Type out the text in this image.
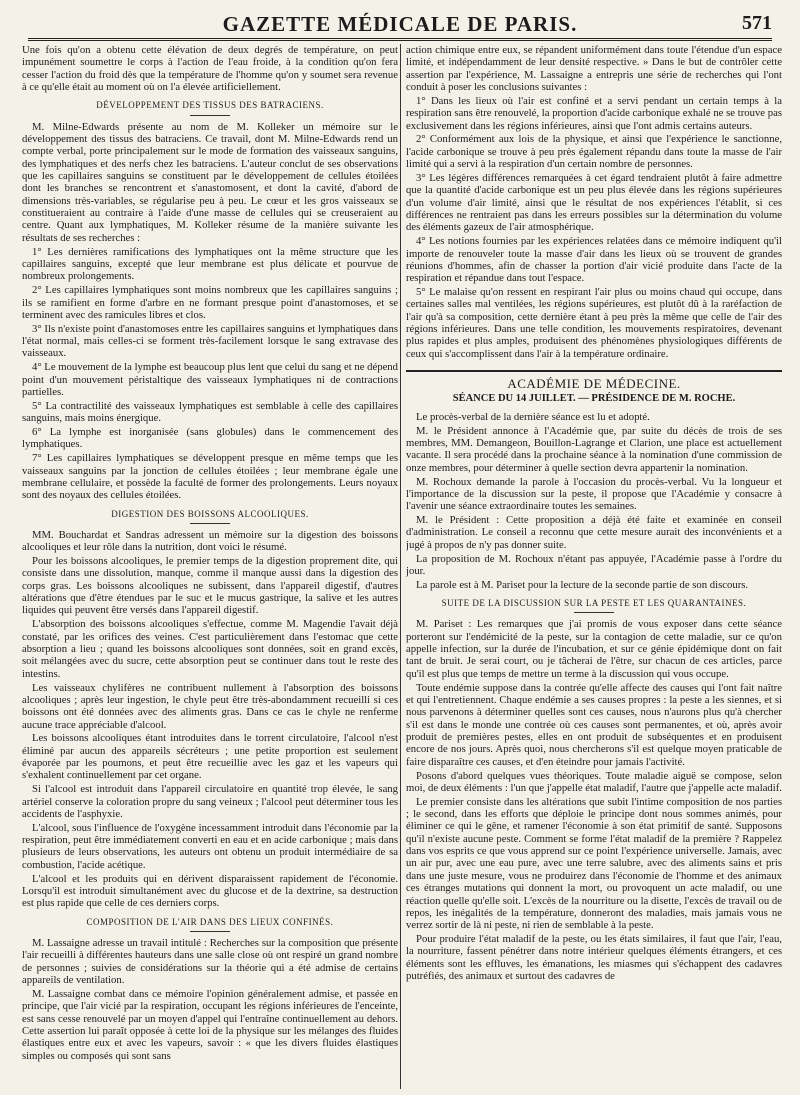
GAZETTE MÉDICALE DE PARIS.	571

Une fois qu'on a obtenu cette élévation de deux degrés de température, on peut impunément soumettre le corps à l'action de l'eau froide, à la condition qu'on fera cesser l'action du froid dès que la température de l'homme qu'on y soumet sera revenue à ce qu'elle était au moment où on l'a élevée artificiellement.

DÉVELOPPEMENT DES TISSUS DES BATRACIENS.

M. Milne-Edwards présente au nom de M. Kolleker un mémoire sur le développement des tissus des batraciens. Ce travail, dont M. Milne-Edwards rend un compte verbal, porte principalement sur le mode de formation des vaisseaux sanguins, des lymphatiques et des nerfs chez les batraciens. L'auteur conclut de ses observations que les capillaires sanguins se constituent par le développement de cellules étoilées dont les branches se rencontrent et s'anastomosent, et dont la cavité, d'abord de dimensions très-variables, se régularise peu à peu. Le cœur et les gros vaisseaux se constitueraient au contraire à l'aide d'une masse de cellules qui se creuseraient au centre. Quant aux lymphatiques, M. Kolleker résume de la manière suivante les résultats de ses recherches :

1° Les dernières ramifications des lymphatiques ont la même structure que les capillaires sanguins, excepté que leur membrane est plus délicate et pourvue de nombreux prolongements.

2° Les capillaires lymphatiques sont moins nombreux que les capillaires sanguins ; ils se ramifient en forme d'arbre en ne formant presque point d'anastomoses, et se terminent avec des ramicules libres et clos.

3° Ils n'existe point d'anastomoses entre les capillaires sanguins et lymphatiques dans l'état normal, mais celles-ci se forment très-facilement lorsque le sang extravase des vaisseaux.

4° Le mouvement de la lymphe est beaucoup plus lent que celui du sang et ne dépend point d'un mouvement péristaltique des vaisseaux lymphatiques ni de contractions partielles.

5° La contractilité des vaisseaux lymphatiques est semblable à celle des capillaires sanguins, mais moins énergique.

6° La lymphe est inorganisée (sans globules) dans le commencement des lymphatiques.

7° Les capillaires lymphatiques se développent presque en même temps que les vaisseaux sanguins par la jonction de cellules étoilées ; leur membrane égale une membrane cellulaire, et possède la faculté de former des prolongements. Leurs noyaux sont des noyaux des cellules étoilées.

DIGESTION DES BOISSONS ALCOOLIQUES.

MM. Bouchardat et Sandras adressent un mémoire sur la digestion des boissons alcooliques et leur rôle dans la nutrition, dont voici le résumé.

Pour les boissons alcooliques, le premier temps de la digestion proprement dite, qui consiste dans une dissolution, manque, comme il manque aussi dans la digestion des corps gras. Les boissons alcooliques ne subissent, dans l'appareil digestif, d'autres altérations que d'être étendues par le suc et le mucus gastrique, la salive et les autres liquides qui peuvent être versés dans l'appareil digestif.

L'absorption des boissons alcooliques s'effectue, comme M. Magendie l'avait déjà constaté, par les orifices des veines. C'est particulièrement dans l'estomac que cette absorption a lieu ; quand les boissons alcooliques sont données, soit en grand excès, soit mélangées avec du sucre, cette absorption peut se continuer dans tout le reste des intestins.

Les vaisseaux chylifères ne contribuent nullement à l'absorption des boissons alcooliques ; après leur ingestion, le chyle peut être très-abondamment recueilli si ces boissons ont été données avec des aliments gras. Dans ce cas le chyle ne renferme aucune trace appréciable d'alcool.

Les boissons alcooliques étant introduites dans le torrent circulatoire, l'alcool n'est éliminé par aucun des appareils sécréteurs ; une petite proportion est seulement évaporée par les poumons, et peut être recueillie avec les gaz et les vapeurs qui s'exhalent continuellement par cet organe.

Si l'alcool est introduit dans l'appareil circulatoire en quantité trop élevée, le sang artériel conserve la coloration propre du sang veineux ; l'alcool peut déterminer tous les accidents de l'asphyxie.

L'alcool, sous l'influence de l'oxygène incessamment introduit dans l'économie par la respiration, peut être immédiatement converti en eau et en acide carbonique ; mais dans plusieurs de leurs observations, les auteurs ont obtenu un produit intermédiaire de sa combustion, l'acide acétique.

L'alcool et les produits qui en dérivent disparaissent rapidement de l'économie. Lorsqu'il est introduit simultanément avec du glucose et de la dextrine, sa destruction est plus rapide que celle de ces derniers corps.

COMPOSITION DE L'AIR DANS DES LIEUX CONFINÉS.

M. Lassaigne adresse un travail intitulé : Recherches sur la composition que présente l'air recueilli à différentes hauteurs dans une salle close où ont respiré un grand nombre de personnes ; suivies de considérations sur la théorie qui a été admise de certains appareils de ventilation.

M. Lassaigne combat dans ce mémoire l'opinion généralement admise, et passée en principe, que l'air vicié par la respiration, occupant les régions inférieures de l'enceinte, est sans cesse renouvelé par un moyen d'appel qui l'entraîne continuellement au dehors. Cette assertion lui paraît opposée à cette loi de la physique sur les mélanges des fluides élastiques entre eux et avec les vapeurs, savoir : « que les divers fluides élastiques simples ou composés qui sont sans

action chimique entre eux, se répandent uniformément dans toute l'étendue d'un espace limité, et indépendamment de leur densité respective. » Dans le but de contrôler cette assertion par l'expérience, M. Lassaigne a entrepris une série de recherches qui l'ont conduit à poser les conclusions suivantes :

1° Dans les lieux où l'air est confiné et a servi pendant un certain temps à la respiration sans être renouvelé, la proportion d'acide carbonique exhalé ne se trouve pas exclusivement dans les régions inférieures, ainsi que l'ont admis certains auteurs.

2° Conformément aux lois de la physique, et ainsi que l'expérience le sanctionne, l'acide carbonique se trouve à peu près également répandu dans toute la masse de l'air limité qui a servi à la respiration d'un certain nombre de personnes.

3° Les légères différences remarquées à cet égard tendraient plutôt à faire admettre que la quantité d'acide carbonique est un peu plus élevée dans les régions supérieures d'un volume d'air limité, ainsi que le résultat de nos expériences l'établit, si ces différences ne rentraient pas dans les erreurs possibles sur la détermination du volume des éléments gazeux de l'air atmosphérique.

4° Les notions fournies par les expériences relatées dans ce mémoire indiquent qu'il importe de renouveler toute la masse d'air dans les lieux où se trouvent de grandes réunions d'hommes, afin de chasser la portion d'air vicié produite dans l'acte de la respiration et répandue dans tout l'espace.

5° Le malaise qu'on ressent en respirant l'air plus ou moins chaud qui occupe, dans certaines salles mal ventilées, les régions supérieures, est plutôt dû à la raréfaction de l'air qu'à sa composition, cette dernière étant à peu près la même que celle de l'air des régions inférieures. Dans une telle condition, les mouvements respiratoires, devenant plus rapides et plus amples, produisent des phénomènes physiologiques différents de ceux qui s'accomplissent dans l'air à la température ordinaire.

ACADÉMIE DE MÉDECINE.
SÉANCE DU 14 JUILLET. — PRÉSIDENCE DE M. ROCHE.

Le procès-verbal de la dernière séance est lu et adopté.

M. le Président annonce à l'Académie que, par suite du décès de trois de ses membres, MM. Demangeon, Bouillon-Lagrange et Clarion, une place est actuellement vacante. Il sera procédé dans la prochaine séance à la nomination d'une commission de onze membres, pour déterminer à quelle section devra appartenir la nomination.

M. Rochoux demande la parole à l'occasion du procès-verbal. Vu la longueur et l'importance de la discussion sur la peste, il propose que l'Académie y consacre à l'avenir une séance extraordinaire toutes les semaines.

M. le Président : Cette proposition a déjà été faite et examinée en conseil d'administration. Le conseil a reconnu que cette mesure aurait des inconvénients et a jugé à propos de n'y pas donner suite.

La proposition de M. Rochoux n'étant pas appuyée, l'Académie passe à l'ordre du jour.

La parole est à M. Pariset pour la lecture de la seconde partie de son discours.

SUITE DE LA DISCUSSION SUR LA PESTE ET LES QUARANTAINES.

M. Pariset : Les remarques que j'ai promis de vous exposer dans cette séance porteront sur l'endémicité de la peste, sur la contagion de cette maladie, sur ce qu'on appelle infection, sur la durée de l'incubation, et sur ce génie épidémique dont on fait tant de bruit. Je serai court, ou je tâcherai de l'être, sur chacun de ces articles, parce qu'il est plus que temps de mettre un terme à la discussion qui vous occupe.

Toute endémie suppose dans la contrée qu'elle affecte des causes qui l'ont fait naître et qui l'entretiennent. Chaque endémie a ses causes propres : la peste a les siennes, et si nous parvenons à déterminer quelles sont ces causes, nous n'aurons plus qu'à chercher s'il est dans le monde une contrée où ces causes sont permanentes, et où, après avoir produit de premières pestes, elles en ont produit de subséquentes et en produisent encore de nos jours. Après quoi, nous chercherons s'il est quelque moyen praticable de faire disparaître ces causes, et d'en éteindre pour jamais l'activité.

Posons d'abord quelques vues théoriques. Toute maladie aiguë se compose, selon moi, de deux éléments : l'un que j'appelle état maladif, l'autre que j'appelle acte maladif.

Le premier consiste dans les altérations que subit l'intime composition de nos parties ; le second, dans les efforts que déploie le principe dont nous sommes animés, pour éliminer ce qui le gêne, et ramener l'économie à son état primitif de santé. Supposons qu'il n'existe aucune peste. Comment se forme l'état maladif de la première ? Rappelez dans vos esprits ce que vous apprend sur ce point l'expérience universelle. Jamais, avec un air pur, avec une eau pure, avec une terre salubre, avec des aliments sains et pris dans une juste mesure, vous ne produirez dans l'économie de l'homme et des animaux ces étranges mutations qui donnent la mort, ou provoquent un acte maladif, ou une réaction quelle qu'elle soit. L'excès de la nourriture ou la disette, l'excès de travail ou de repos, les inégalités de la température, donneront des maladies, mais jamais vous ne verrez sortir de là ni peste, ni rien de semblable à la peste.

Pour produire l'état maladif de la peste, ou les états similaires, il faut que l'air, l'eau, la nourriture, fassent pénétrer dans notre intérieur quelques éléments étrangers, et ces éléments sont les effluves, les émanations, les miasmes qui s'échappent des cadavres putréfiés, des animaux et surtout des cadavres de
